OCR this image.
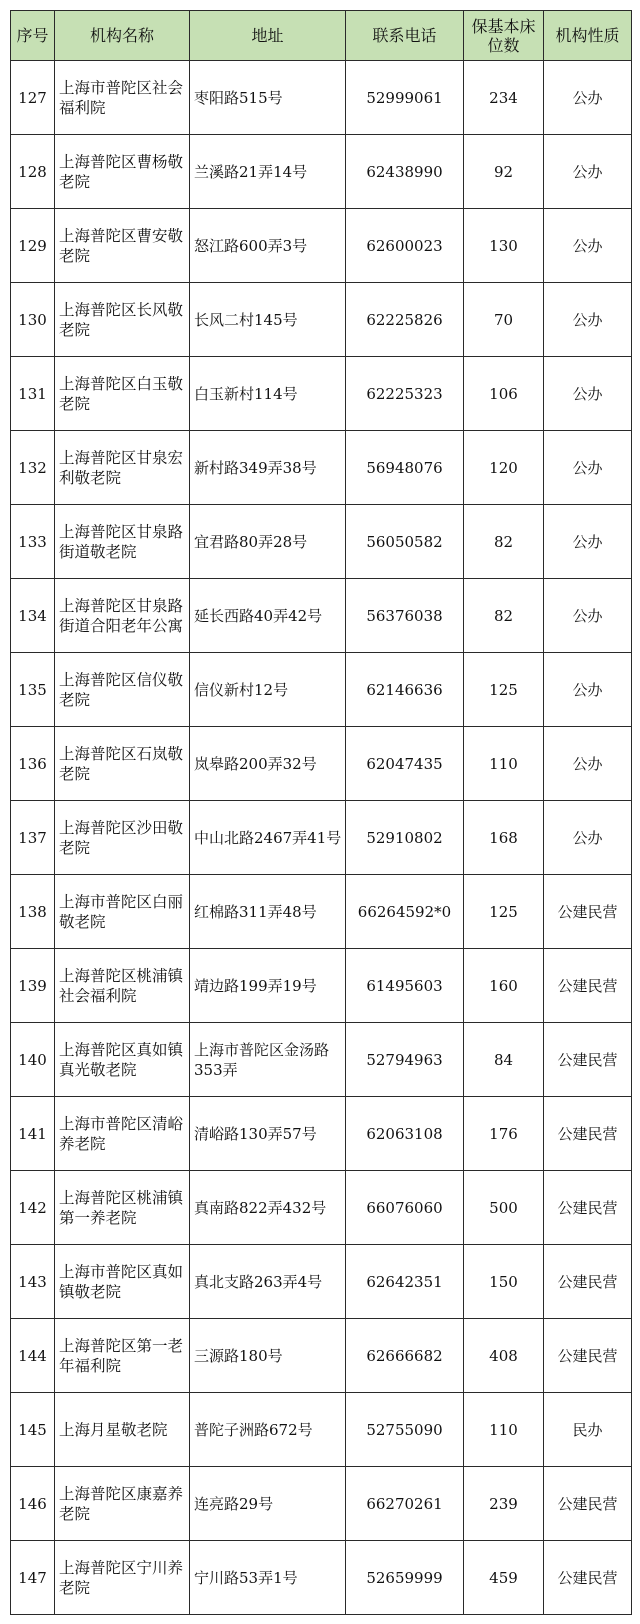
序号	机构名称	地址	联系电话	保基本床位数	机构性质
127	上海市普陀区社会福利院	枣阳路515号	52999061	234	公办
128	上海普陀区曹杨敬老院	兰溪路21弄14号	62438990	92	公办
129	上海普陀区曹安敬老院	怒江路600弄3号	62600023	130	公办
130	上海普陀区长风敬老院	长风二村145号	62225826	70	公办
131	上海普陀区白玉敬老院	白玉新村114号	62225323	106	公办
132	上海普陀区甘泉宏利敬老院	新村路349弄38号	56948076	120	公办
133	上海普陀区甘泉路街道敬老院	宜君路80弄28号	56050582	82	公办
134	上海普陀区甘泉路街道合阳老年公寓	延长西路40弄42号	56376038	82	公办
135	上海普陀区信仪敬老院	信仪新村12号	62146636	125	公办
136	上海普陀区石岚敬老院	岚皋路200弄32号	62047435	110	公办
137	上海普陀区沙田敬老院	中山北路2467弄41号	52910802	168	公办
138	上海市普陀区白丽敬老院	红棉路311弄48号	66264592*0	125	公建民营
139	上海普陀区桃浦镇社会福利院	靖边路199弄19号	61495603	160	公建民营
140	上海普陀区真如镇真光敬老院	上海市普陀区金汤路353弄	52794963	84	公建民营
141	上海市普陀区清峪养老院	清峪路130弄57号	62063108	176	公建民营
142	上海普陀区桃浦镇第一养老院	真南路822弄432号	66076060	500	公建民营
143	上海市普陀区真如镇敬老院	真北支路263弄4号	62642351	150	公建民营
144	上海普陀区第一老年福利院	三源路180号	62666682	408	公建民营
145	上海月星敬老院	普陀子洲路672号	52755090	110	民办
146	上海普陀区康嘉养老院	连亮路29号	66270261	239	公建民营
147	上海普陀区宁川养老院	宁川路53弄1号	52659999	459	公建民营
